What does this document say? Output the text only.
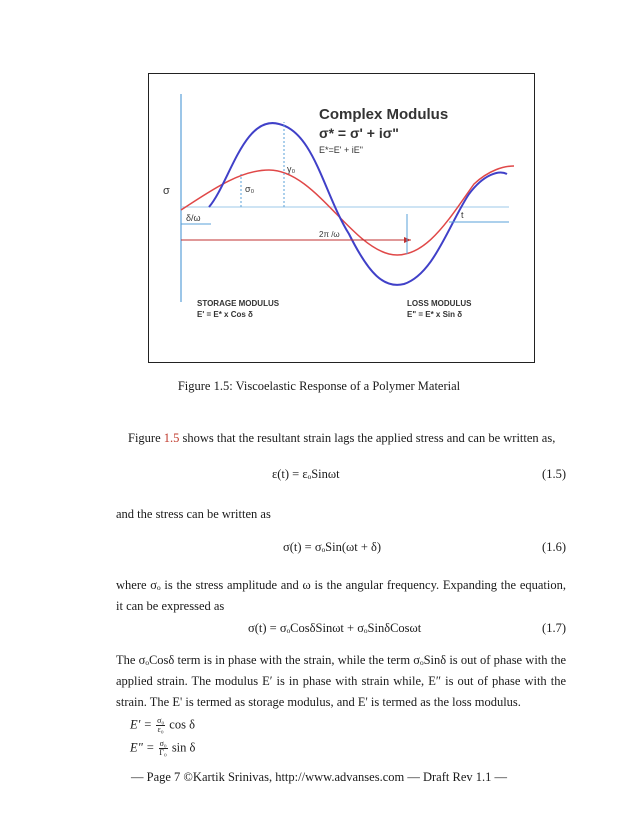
Complex Modulus
σ* = σ' + iσ"
E*=E' + iE"
σ
δ/ω
σ₀
γ₀
2π /ω
t
STORAGE MODULUS
E' = E* x Cos δ
LOSS MODULUS
E" = E* x Sin δ
Figure 1.5: Viscoelastic Response of a Polymer Material
Figure 1.5 shows that the resultant strain lags the applied stress and can be written as,
ε(t) = εₒSinωt	(1.5)
and the stress can be written as
σ(t) = σₒSin(ωt + δ)	(1.6)
where σₒ is the stress amplitude and ω is the angular frequency. Expanding the equation, it can be expressed as
σ(t) = σₒCosδSinωt + σₒSinδCosωt	(1.7)
The σₒCosδ term is in phase with the strain, while the term σₒSinδ is out of phase with the applied strain. The modulus E′ is in phase with strain while, E″ is out of phase with the strain. The E' is termed as storage modulus, and E' is termed as the loss modulus.
$E' = \frac{\text{σ₀}}{\text{ε₀}}$ cos δ
E" = $\frac{\text{σ₀}}{\text{Γ₀}}$ sin δ
— Page 7 ©Kartik Srinivas, http://www.advanses.com — Draft Rev 1.1 —
